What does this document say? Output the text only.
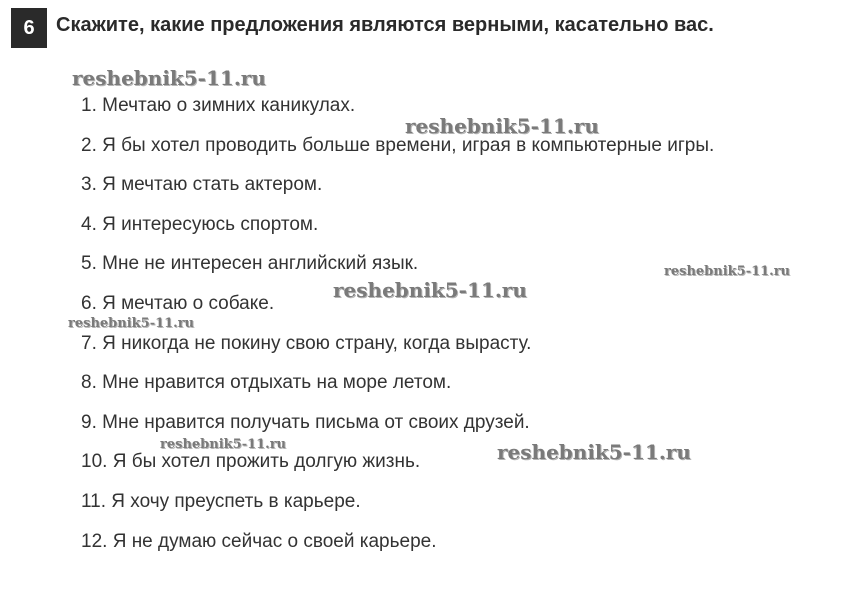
6	Скажите, какие предложения являются верными, касательно вас.
1. Мечтаю о зимних каникулах.
2. Я бы хотел проводить больше времени, играя в компьютерные игры.
3. Я мечтаю стать актером.
4. Я интересуюсь спортом.
5. Мне не интересен английский язык.
6. Я мечтаю о собаке.
7. Я никогда не покину свою страну, когда вырасту.
8. Мне нравится отдыхать на море летом.
9. Мне нравится получать письма от своих друзей.
10. Я бы хотел прожить долгую жизнь.
11. Я хочу преуспеть в карьере.
12. Я не думаю сейчас о своей карьере.
reshebnik5-11.ru
reshebnik5-11.ru
reshebnik5-11.ru
reshebnik5-11.ru
reshebnik5-11.ru
reshebnik5-11.ru	reshebnik5-11.ru
